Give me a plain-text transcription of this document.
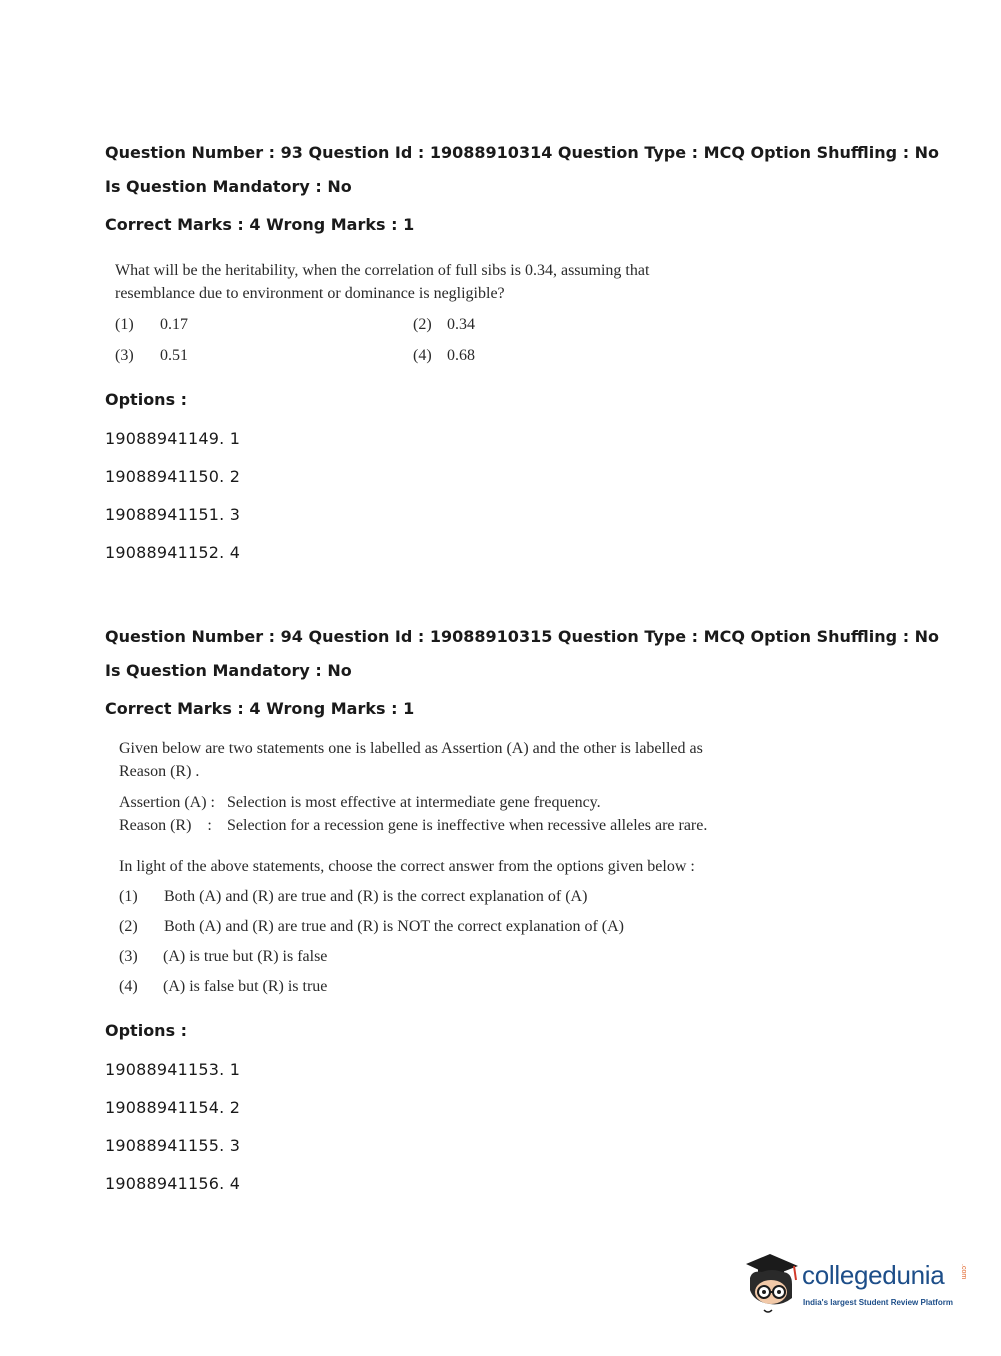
Question Number : 93 Question Id : 19088910314 Question Type : MCQ Option Shuffling : No
Is Question Mandatory : No
Correct Marks : 4 Wrong Marks : 1
What will be the heritability, when the correlation of full sibs is 0.34, assuming that
resemblance due to environment or dominance is negligible?
(1) 0.17	(2) 0.34
(3) 0.51	(4) 0.68
Options :
19088941149. 1
19088941150. 2
19088941151. 3
19088941152. 4
Question Number : 94 Question Id : 19088910315 Question Type : MCQ Option Shuffling : No
Is Question Mandatory : No
Correct Marks : 4 Wrong Marks : 1
Given below are two statements one is labelled as Assertion (A) and the other is labelled as
Reason (R) .
Assertion (A) : Selection is most effective at intermediate gene frequency.
Reason (R)    : Selection for a recession gene is ineffective when recessive alleles are rare.
In light of the above statements, choose the correct answer from the options given below :
(1) Both (A) and (R) are true and (R) is the correct explanation of (A)
(2) Both (A) and (R) are true and (R) is NOT the correct explanation of (A)
(3) (A) is true but (R) is false
(4) (A) is false but (R) is true
Options :
19088941153. 1
19088941154. 2
19088941155. 3
19088941156. 4
collegedunia .com
India's largest Student Review Platform
